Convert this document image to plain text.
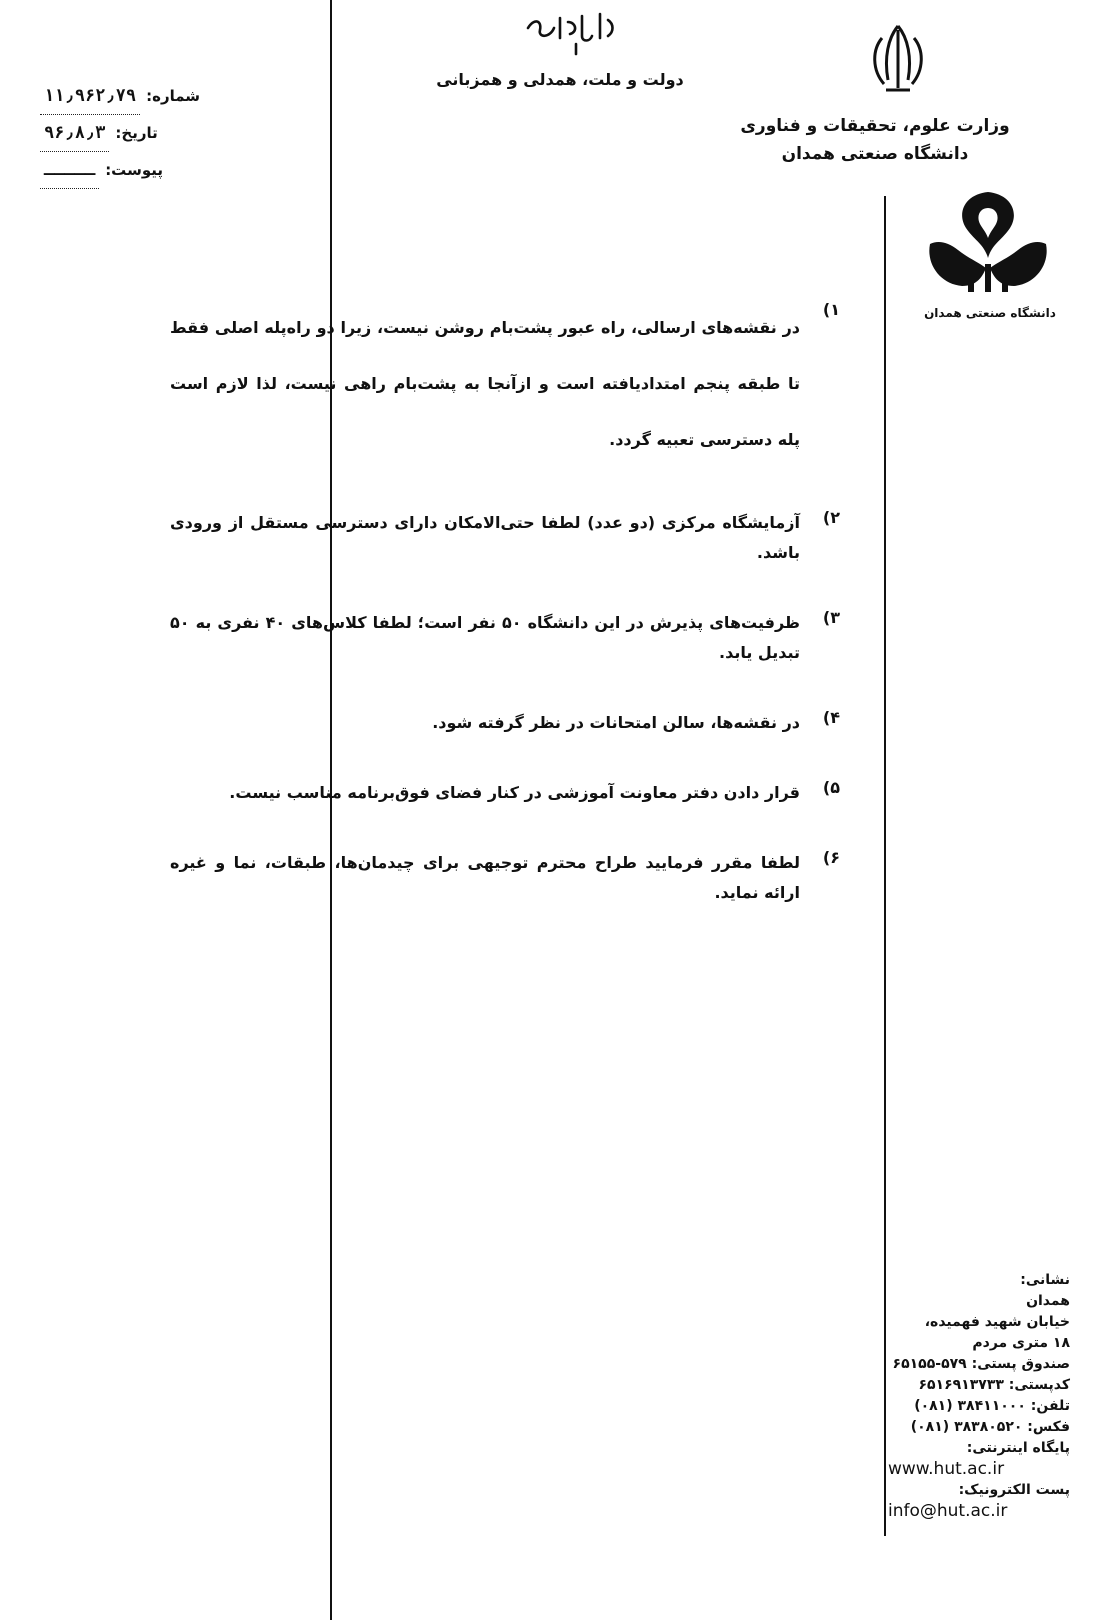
وزارت علوم، تحقیقات و فناوری
دانشگاه صنعتی همدان
دانشگاه صنعتی همدان
باسمه تعالی
دولت و ملت، همدلی و همزبانی
شماره:
۱۱٫۹۶۲٫۷۹
تاریخ:
۹۶٫۸٫۳
پیوست:
ـــــ
۱)
در نقشه‌های ارسالی، راه عبور پشت‌بام روشن نیست، زیرا دو راه‌پله اصلی فقط تا طبقه پنجم امتدادیافته است و ازآنجا به پشت‌بام راهی نیست، لذا لازم است پله دسترسی تعبیه گردد.
۲)
آزمایشگاه مرکزی (دو عدد) لطفا حتی‌الامکان دارای دسترسی مستقل از ورودی باشد.
۳)
ظرفیت‌های پذیرش در این دانشگاه ۵۰ نفر است؛ لطفا کلاس‌های ۴۰ نفری به ۵۰ تبدیل یابد.
۴)
در نقشه‌ها، سالن امتحانات در نظر گرفته شود.
۵)
قرار دادن دفتر معاونت آموزشی در کنار فضای فوق‌برنامه مناسب نیست.
۶)
لطفا مقرر فرمایید طراح محترم توجیهی برای چیدمان‌ها، طبقات، نما و غیره ارائه نماید.
نشانی:
همدان
خیابان شهید فهمیده،
۱۸ متری مردم
صندوق پستی: ۵۷۹-۶۵۱۵۵
کدپستی: ۶۵۱۶۹۱۳۷۳۳
تلفن: ۳۸۴۱۱۰۰۰ (۰۸۱)
فکس: ۳۸۳۸۰۵۲۰ (۰۸۱)
پایگاه اینترنتی:
www.hut.ac.ir
پست الکترونیک:
info@hut.ac.ir
